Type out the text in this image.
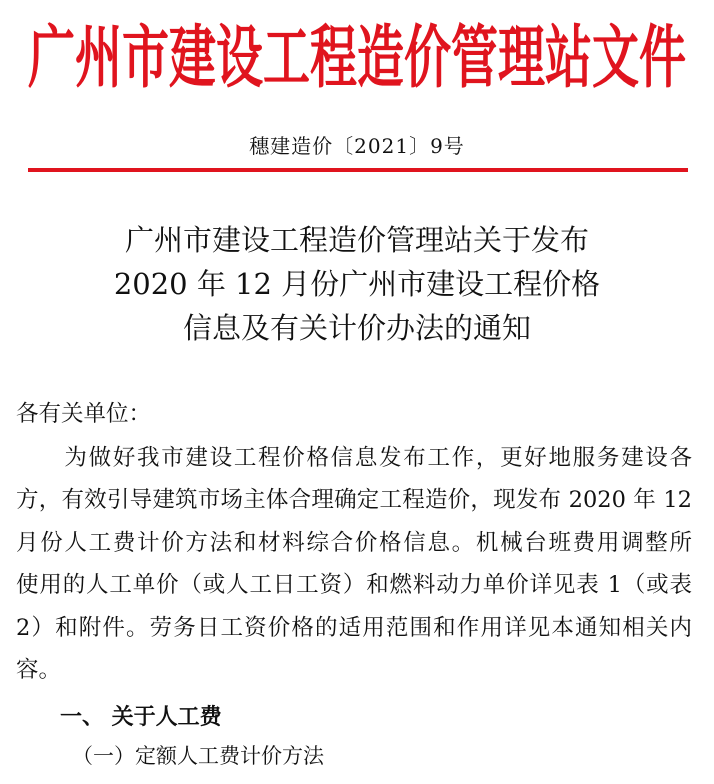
广州市建设工程造价管理站文件
穗建造价〔2021〕9号
广州市建设工程造价管理站关于发布
2020 年 12 月份广州市建设工程价格
信息及有关计价办法的通知
各有关单位：
　　为做好我市建设工程价格信息发布工作，更好地服务建设各
方，有效引导建筑市场主体合理确定工程造价，现发布 2020 年 12
月份人工费计价方法和材料综合价格信息。机械台班费用调整所
使用的人工单价（或人工日工资）和燃料动力单价详见表 1（或表
2）和附件。劳务日工资价格的适用范围和作用详见本通知相关内
容。
一、 关于人工费
（一）定额人工费计价方法
